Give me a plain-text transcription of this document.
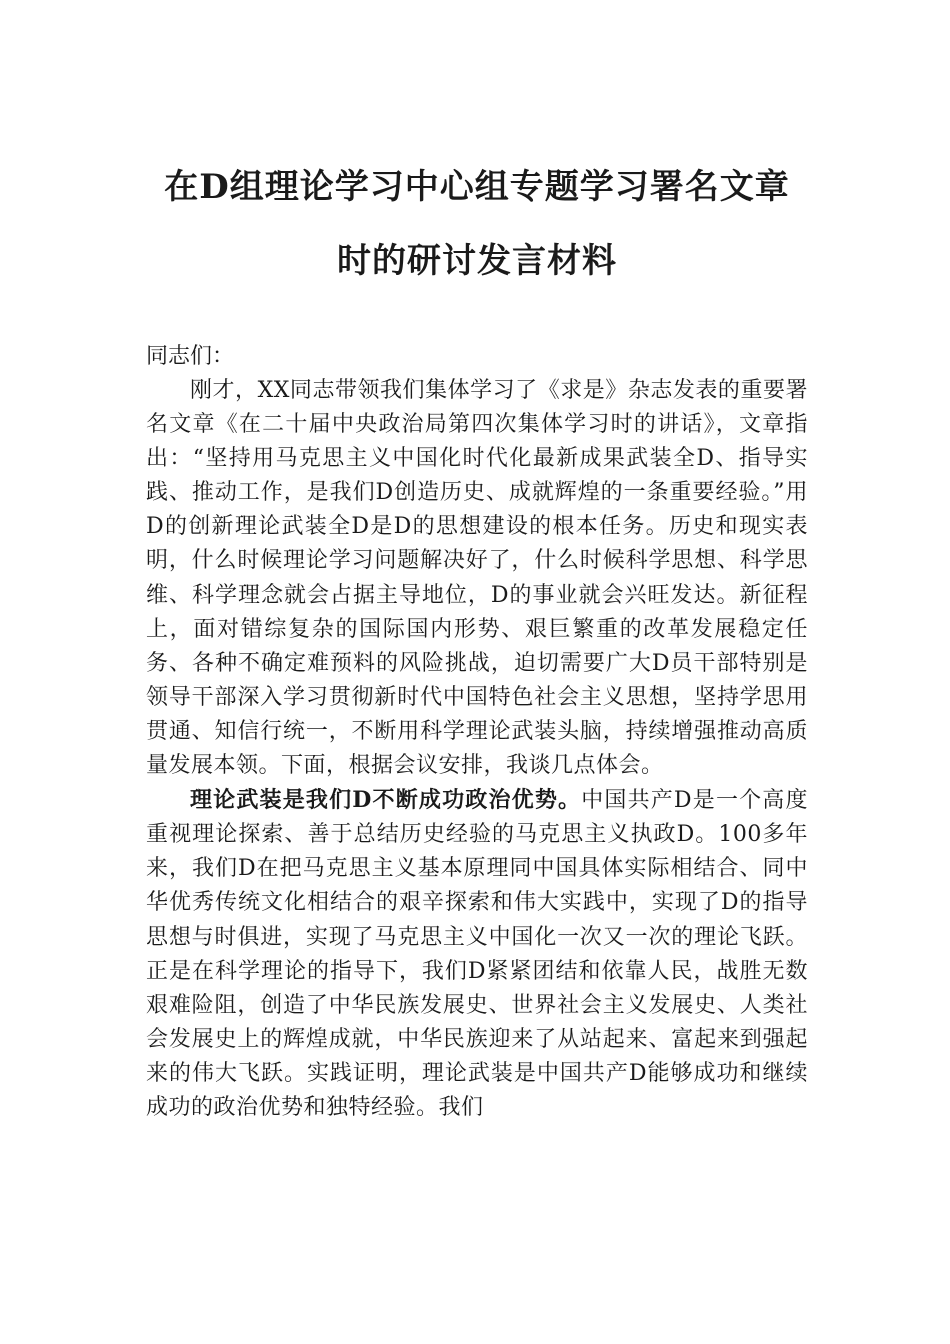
在D组理论学习中心组专题学习署名文章
时的研讨发言材料
同志们：

刚才，XX同志带领我们集体学习了《求是》杂志发表的重要署名文章《在二十届中央政治局第四次集体学习时的讲话》，文章指出：“坚持用马克思主义中国化时代化最新成果武装全D、指导实践、推动工作，是我们D创造历史、成就辉煌的一条重要经验。”用D的创新理论武装全D是D的思想建设的根本任务。历史和现实表明，什么时候理论学习问题解决好了，什么时候科学思想、科学思维、科学理念就会占据主导地位，D的事业就会兴旺发达。新征程上，面对错综复杂的国际国内形势、艰巨繁重的改革发展稳定任务、各种不确定难预料的风险挑战，迫切需要广大D员干部特别是领导干部深入学习贯彻新时代中国特色社会主义思想，坚持学思用贯通、知信行统一，不断用科学理论武装头脑，持续增强推动高质量发展本领。下面，根据会议安排，我谈几点体会。

理论武装是我们D不断成功政治优势。中国共产D是一个高度重视理论探索、善于总结历史经验的马克思主义执政D。100多年来，我们D在把马克思主义基本原理同中国具体实际相结合、同中华优秀传统文化相结合的艰辛探索和伟大实践中，实现了D的指导思想与时俱进，实现了马克思主义中国化一次又一次的理论飞跃。正是在科学理论的指导下，我们D紧紧团结和依靠人民，战胜无数艰难险阻，创造了中华民族发展史、世界社会主义发展史、人类社会发展史上的辉煌成就，中华民族迎来了从站起来、富起来到强起来的伟大飞跃。实践证明，理论武装是中国共产D能够成功和继续成功的政治优势和独特经验。我们
